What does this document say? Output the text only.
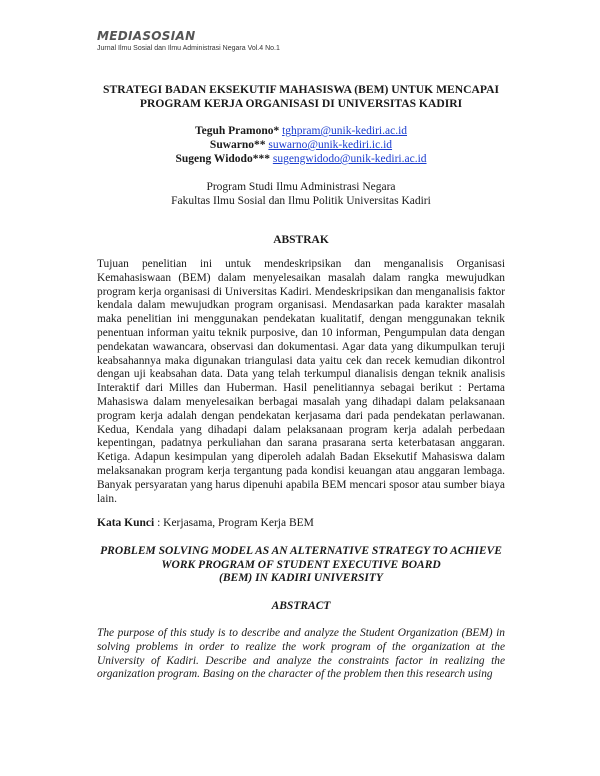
MEDIASOSIAN
Jurnal Ilmu Sosial dan Ilmu Administrasi Negara Vol.4 No.1
STRATEGI BADAN EKSEKUTIF MAHASISWA (BEM) UNTUK MENCAPAI
PROGRAM KERJA ORGANISASI DI UNIVERSITAS KADIRI
Teguh Pramono* tghpram@unik-kediri.ac.id
Suwarno** suwarno@unik-kediri.ic.id
Sugeng Widodo*** sugengwidodo@unik-kediri.ac.id
Program Studi Ilmu Administrasi Negara
Fakultas Ilmu Sosial dan Ilmu Politik Universitas Kadiri
ABSTRAK
Tujuan penelitian ini untuk mendeskripsikan dan menganalisis Organisasi Kemahasiswaan (BEM) dalam menyelesaikan masalah dalam rangka mewujudkan program kerja organisasi di Universitas Kadiri. Mendeskripsikan dan menganalisis faktor kendala dalam mewujudkan program organisasi. Mendasarkan pada karakter masalah maka penelitian ini menggunakan pendekatan kualitatif, dengan menggunakan teknik penentuan informan yaitu teknik purposive, dan 10 informan, Pengumpulan data dengan pendekatan wawancara, observasi dan dokumentasi. Agar data yang dikumpulkan teruji keabsahannya maka digunakan triangulasi data yaitu cek dan recek kemudian dikontrol dengan uji keabsahan data. Data yang telah terkumpul dianalisis dengan teknik analisis Interaktif dari Milles dan Huberman. Hasil penelitiannya sebagai berikut : Pertama Mahasiswa dalam menyelesaikan berbagai masalah yang dihadapi dalam pelaksanaan program kerja adalah dengan pendekatan kerjasama dari pada pendekatan perlawanan. Kedua, Kendala yang dihadapi dalam pelaksanaan program kerja adalah perbedaan kepentingan, padatnya perkuliahan dan sarana prasarana serta keterbatasan anggaran. Ketiga. Adapun kesimpulan yang diperoleh adalah Badan Eksekutif Mahasiswa dalam melaksanakan program kerja tergantung pada kondisi keuangan atau anggaran lembaga. Banyak persyaratan yang harus dipenuhi apabila BEM mencari sposor atau sumber biaya lain.
Kata Kunci : Kerjasama, Program Kerja BEM
PROBLEM SOLVING MODEL AS AN ALTERNATIVE STRATEGY TO ACHIEVE
WORK PROGRAM OF STUDENT EXECUTIVE BOARD
(BEM) IN KADIRI UNIVERSITY
ABSTRACT
The purpose of this study is to describe and analyze the Student Organization (BEM) in solving problems in order to realize the work program of the organization at the University of Kadiri. Describe and analyze the constraints factor in realizing the organization program. Basing on the character of the problem then this research using
